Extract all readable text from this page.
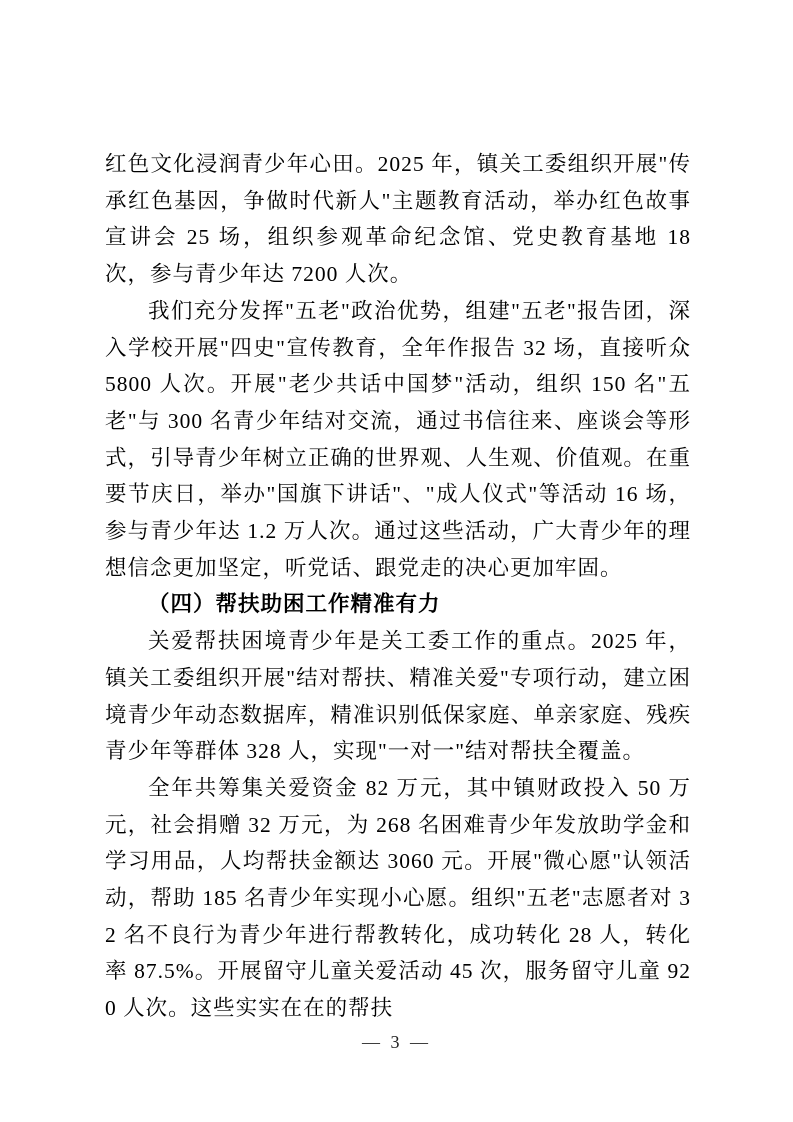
红色文化浸润青少年心田。2025 年，镇关工委组织开展"传承红色基因，争做时代新人"主题教育活动，举办红色故事宣讲会 25 场，组织参观革命纪念馆、党史教育基地 18 次，参与青少年达 7200 人次。

我们充分发挥"五老"政治优势，组建"五老"报告团，深入学校开展"四史"宣传教育，全年作报告 32 场，直接听众 5800 人次。开展"老少共话中国梦"活动，组织 150 名"五老"与 300 名青少年结对交流，通过书信往来、座谈会等形式，引导青少年树立正确的世界观、人生观、价值观。在重要节庆日，举办"国旗下讲话"、"成人仪式"等活动 16 场，参与青少年达 1.2 万人次。通过这些活动，广大青少年的理想信念更加坚定，听党话、跟党走的决心更加牢固。

（四）帮扶助困工作精准有力

关爱帮扶困境青少年是关工委工作的重点。2025 年，镇关工委组织开展"结对帮扶、精准关爱"专项行动，建立困境青少年动态数据库，精准识别低保家庭、单亲家庭、残疾青少年等群体 328 人，实现"一对一"结对帮扶全覆盖。

全年共筹集关爱资金 82 万元，其中镇财政投入 50 万元，社会捐赠 32 万元，为 268 名困难青少年发放助学金和学习用品，人均帮扶金额达 3060 元。开展"微心愿"认领活动，帮助 185 名青少年实现小心愿。组织"五老"志愿者对 32 名不良行为青少年进行帮教转化，成功转化 28 人，转化率 87.5%。开展留守儿童关爱活动 45 次，服务留守儿童 920 人次。这些实实在在的帮扶

— 3 —
